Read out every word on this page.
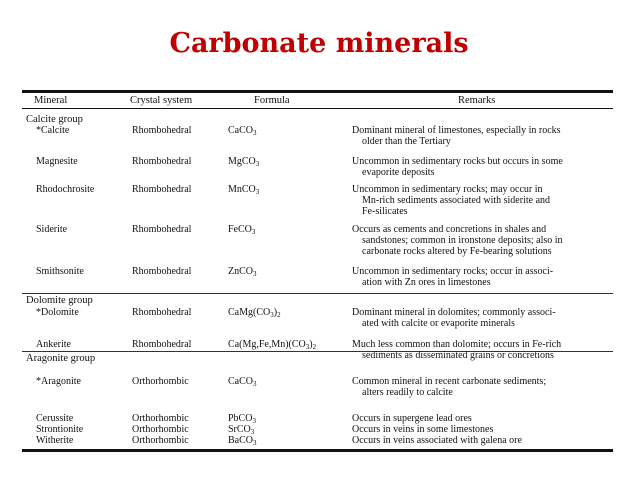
Carbonate minerals
Mineral	Crystal system	Formula	Remarks
Calcite group
*Calcite	Rhombohedral	CaCO$_3$	Dominant mineral of limestones, especially in rocks
older than the Tertiary
Magnesite	Rhombohedral	MgCO$_3$	Uncommon in sedimentary rocks but occurs in some
evaporite deposits
Rhodochrosite	Rhombohedral	MnCO$_3$	Uncommon in sedimentary rocks; may occur in
Mn-rich sediments associated with siderite and
Fe-silicates
Siderite	Rhombohedral	FeCO$_3$	Occurs as cements and concretions in shales and
sandstones; common in ironstone deposits; also in
carbonate rocks altered by Fe-bearing solutions
Smithsonite	Rhombohedral	ZnCO$_3$	Uncommon in sedimentary rocks; occur in associ-
ation with Zn ores in limestones
Dolomite group
*Dolomite	Rhombohedral	$CaMg(CO_3)_2$	Dominant mineral in dolomites; commonly associ-
ated with calcite or evaporite minerals
Ankerite	Rhombohedral	$Ca(Mg,Fe,Mn)(CO_3)_2$	Much less common than dolomite; occurs in Fe-rich
sediments as disseminated grains or concretions
Aragonite group
*Aragonite	Orthorhombic	CaCO$_3$	Common mineral in recent carbonate sediments;
alters readily to calcite
Cerussite	Orthorhombic	PbCO$_3$	Occurs in supergene lead ores
Strontionite	Orthorhombic	SrCO$_3$	Occurs in veins in some limestones
Witherite	Orthorhombic	BaCO$_3$	Occurs in veins associated with galena ore
